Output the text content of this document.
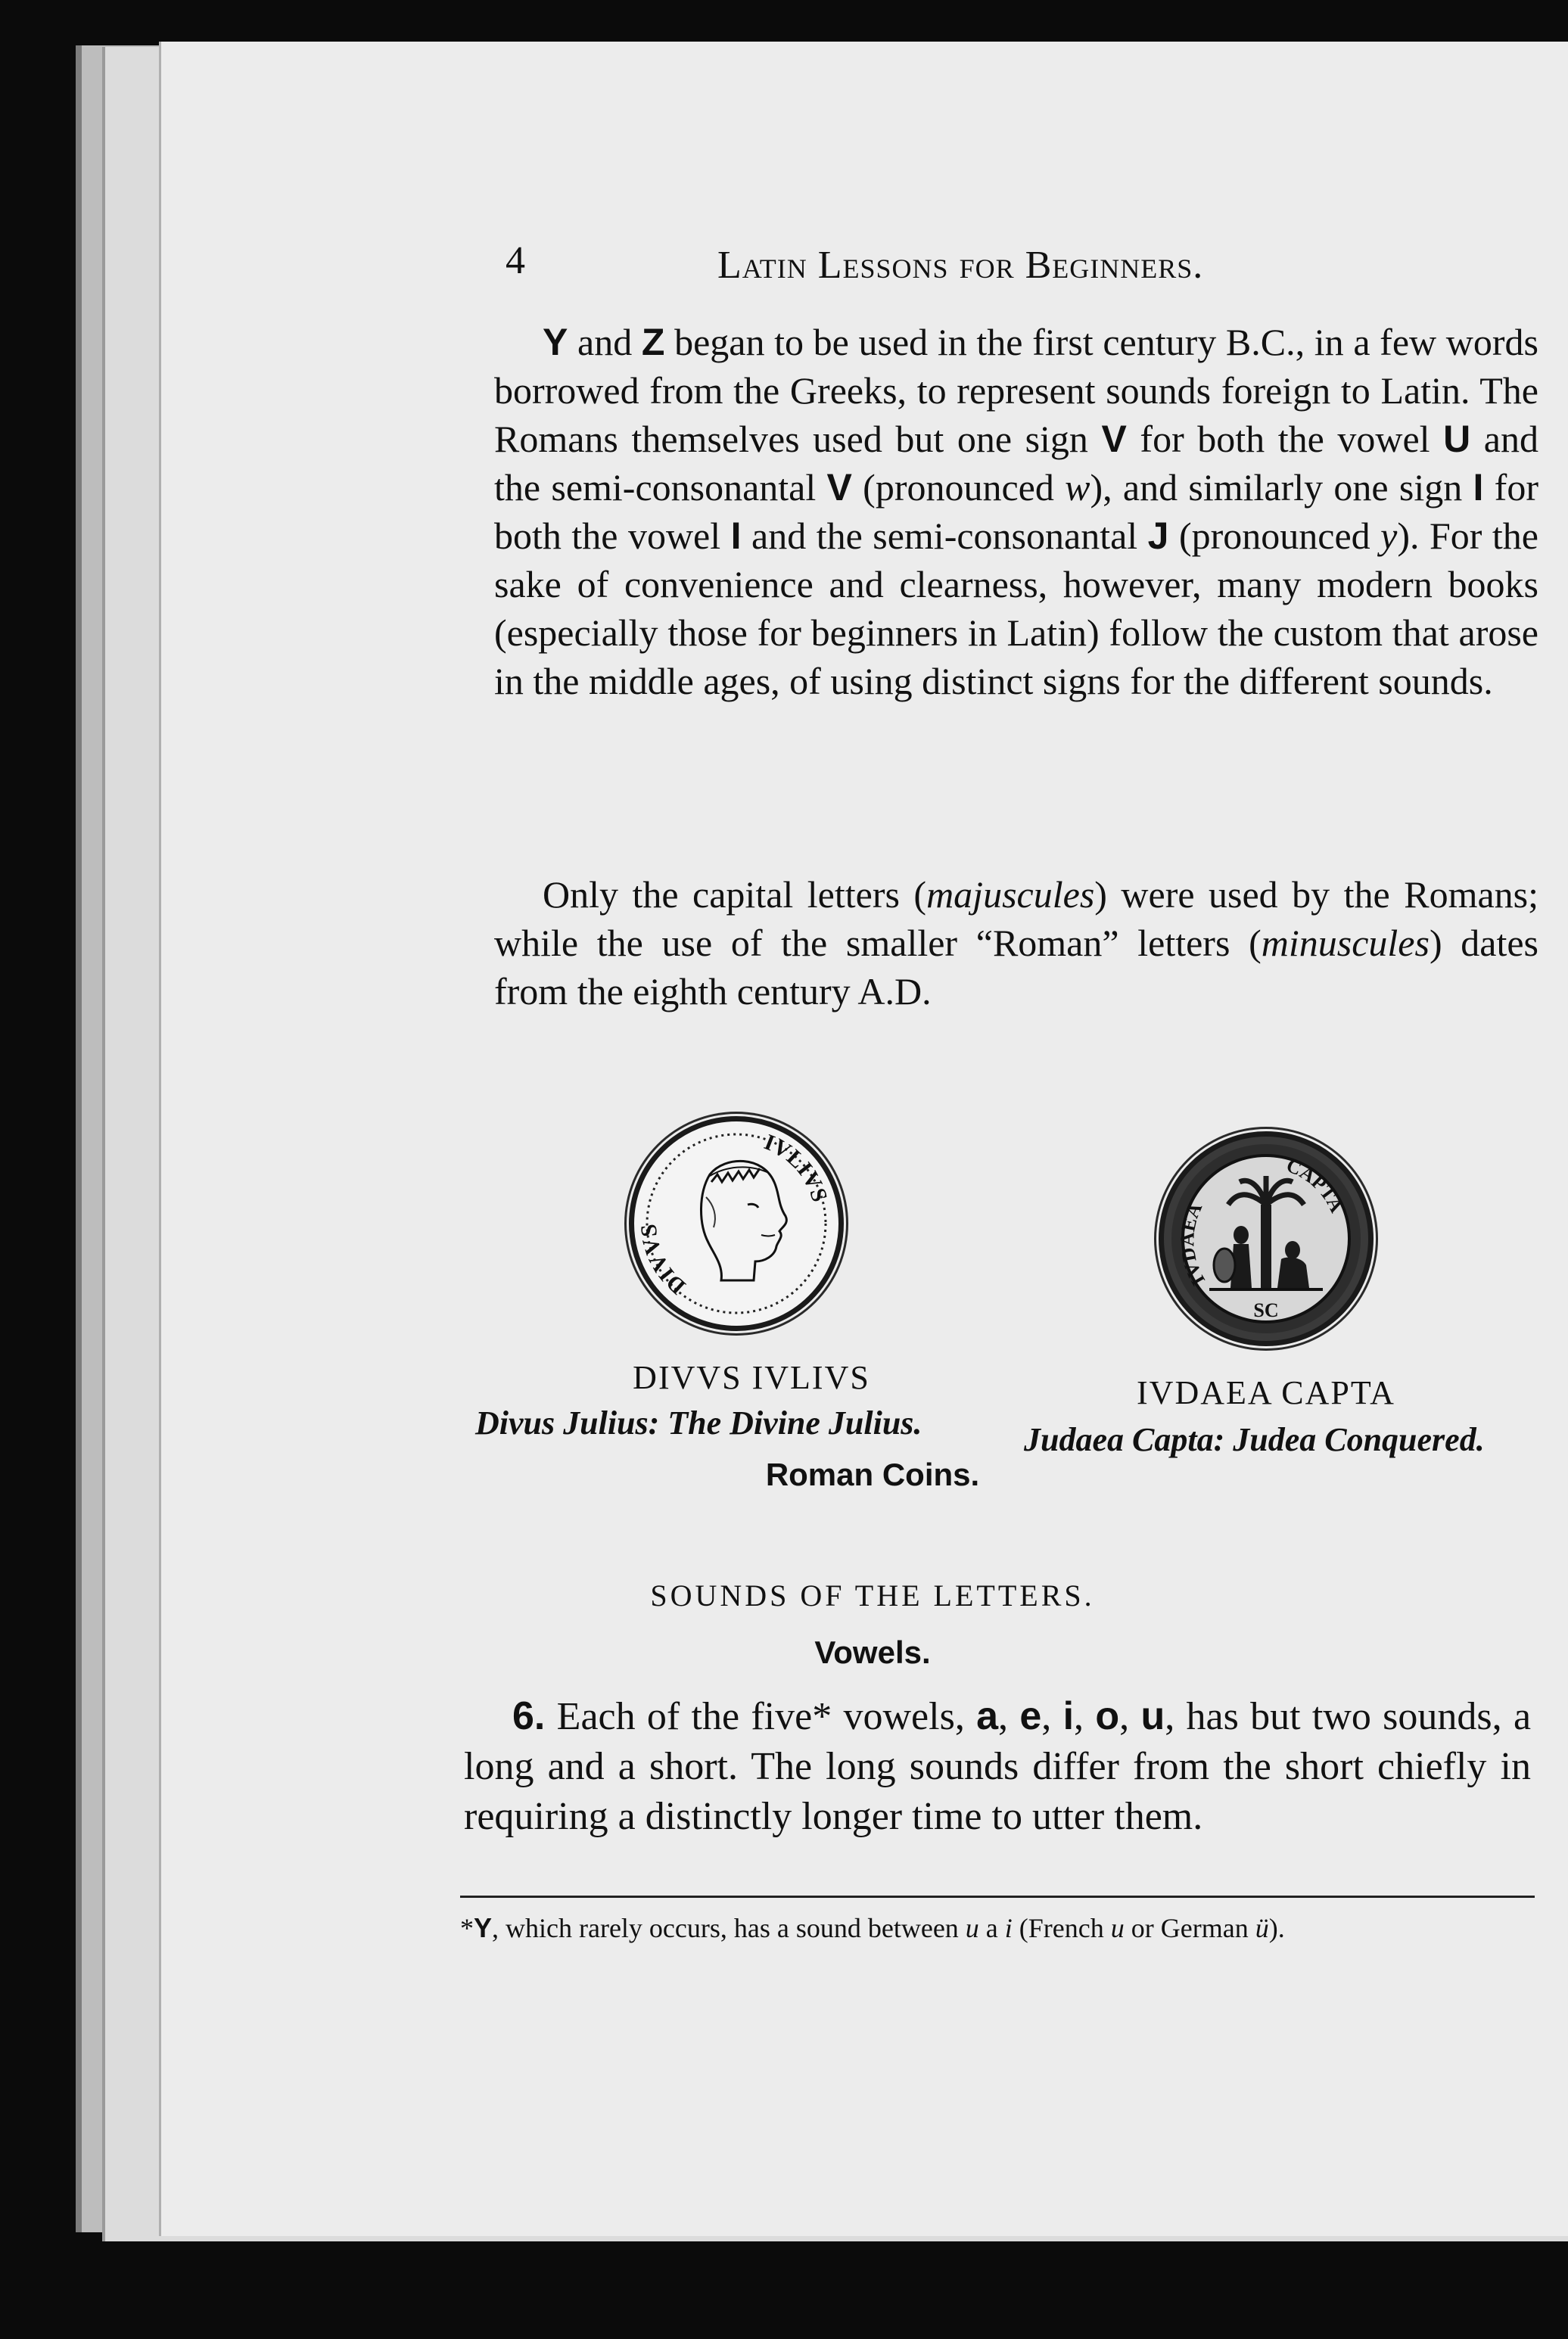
4	Latin Lessons for Beginners.

Y and Z began to be used in the first century B.C., in a few words borrowed from the Greeks, to represent sounds foreign to Latin. The Romans themselves used but one sign V for both the vowel U and the semi-consonantal V (pronounced w), and similarly one sign I for both the vowel I and the semi-consonantal J (pronounced y). For the sake of convenience and clearness, however, many modern books (especially those for beginners in Latin) follow the custom that arose in the middle ages, of using distinct signs for the different sounds.

Only the capital letters (majuscules) were used by the Romans; while the use of the smaller “Roman” letters (minuscules) dates from the eighth century A.D.

DIVVS
IVLIVS
IVDAEA
CAPTA
SC
DIVVS IVLIVS	IVDAEA CAPTA
Divus Julius: The Divine Julius.	Judaea Capta: Judea Conquered.
Roman Coins.
SOUNDS OF THE LETTERS.
Vowels.

6. Each of the five* vowels, a, e, i, o, u, has but two sounds, a long and a short. The long sounds differ from the short chiefly in requiring a distinctly longer time to utter them.

*Y, which rarely occurs, has a sound between u a i (French u or German ü).
